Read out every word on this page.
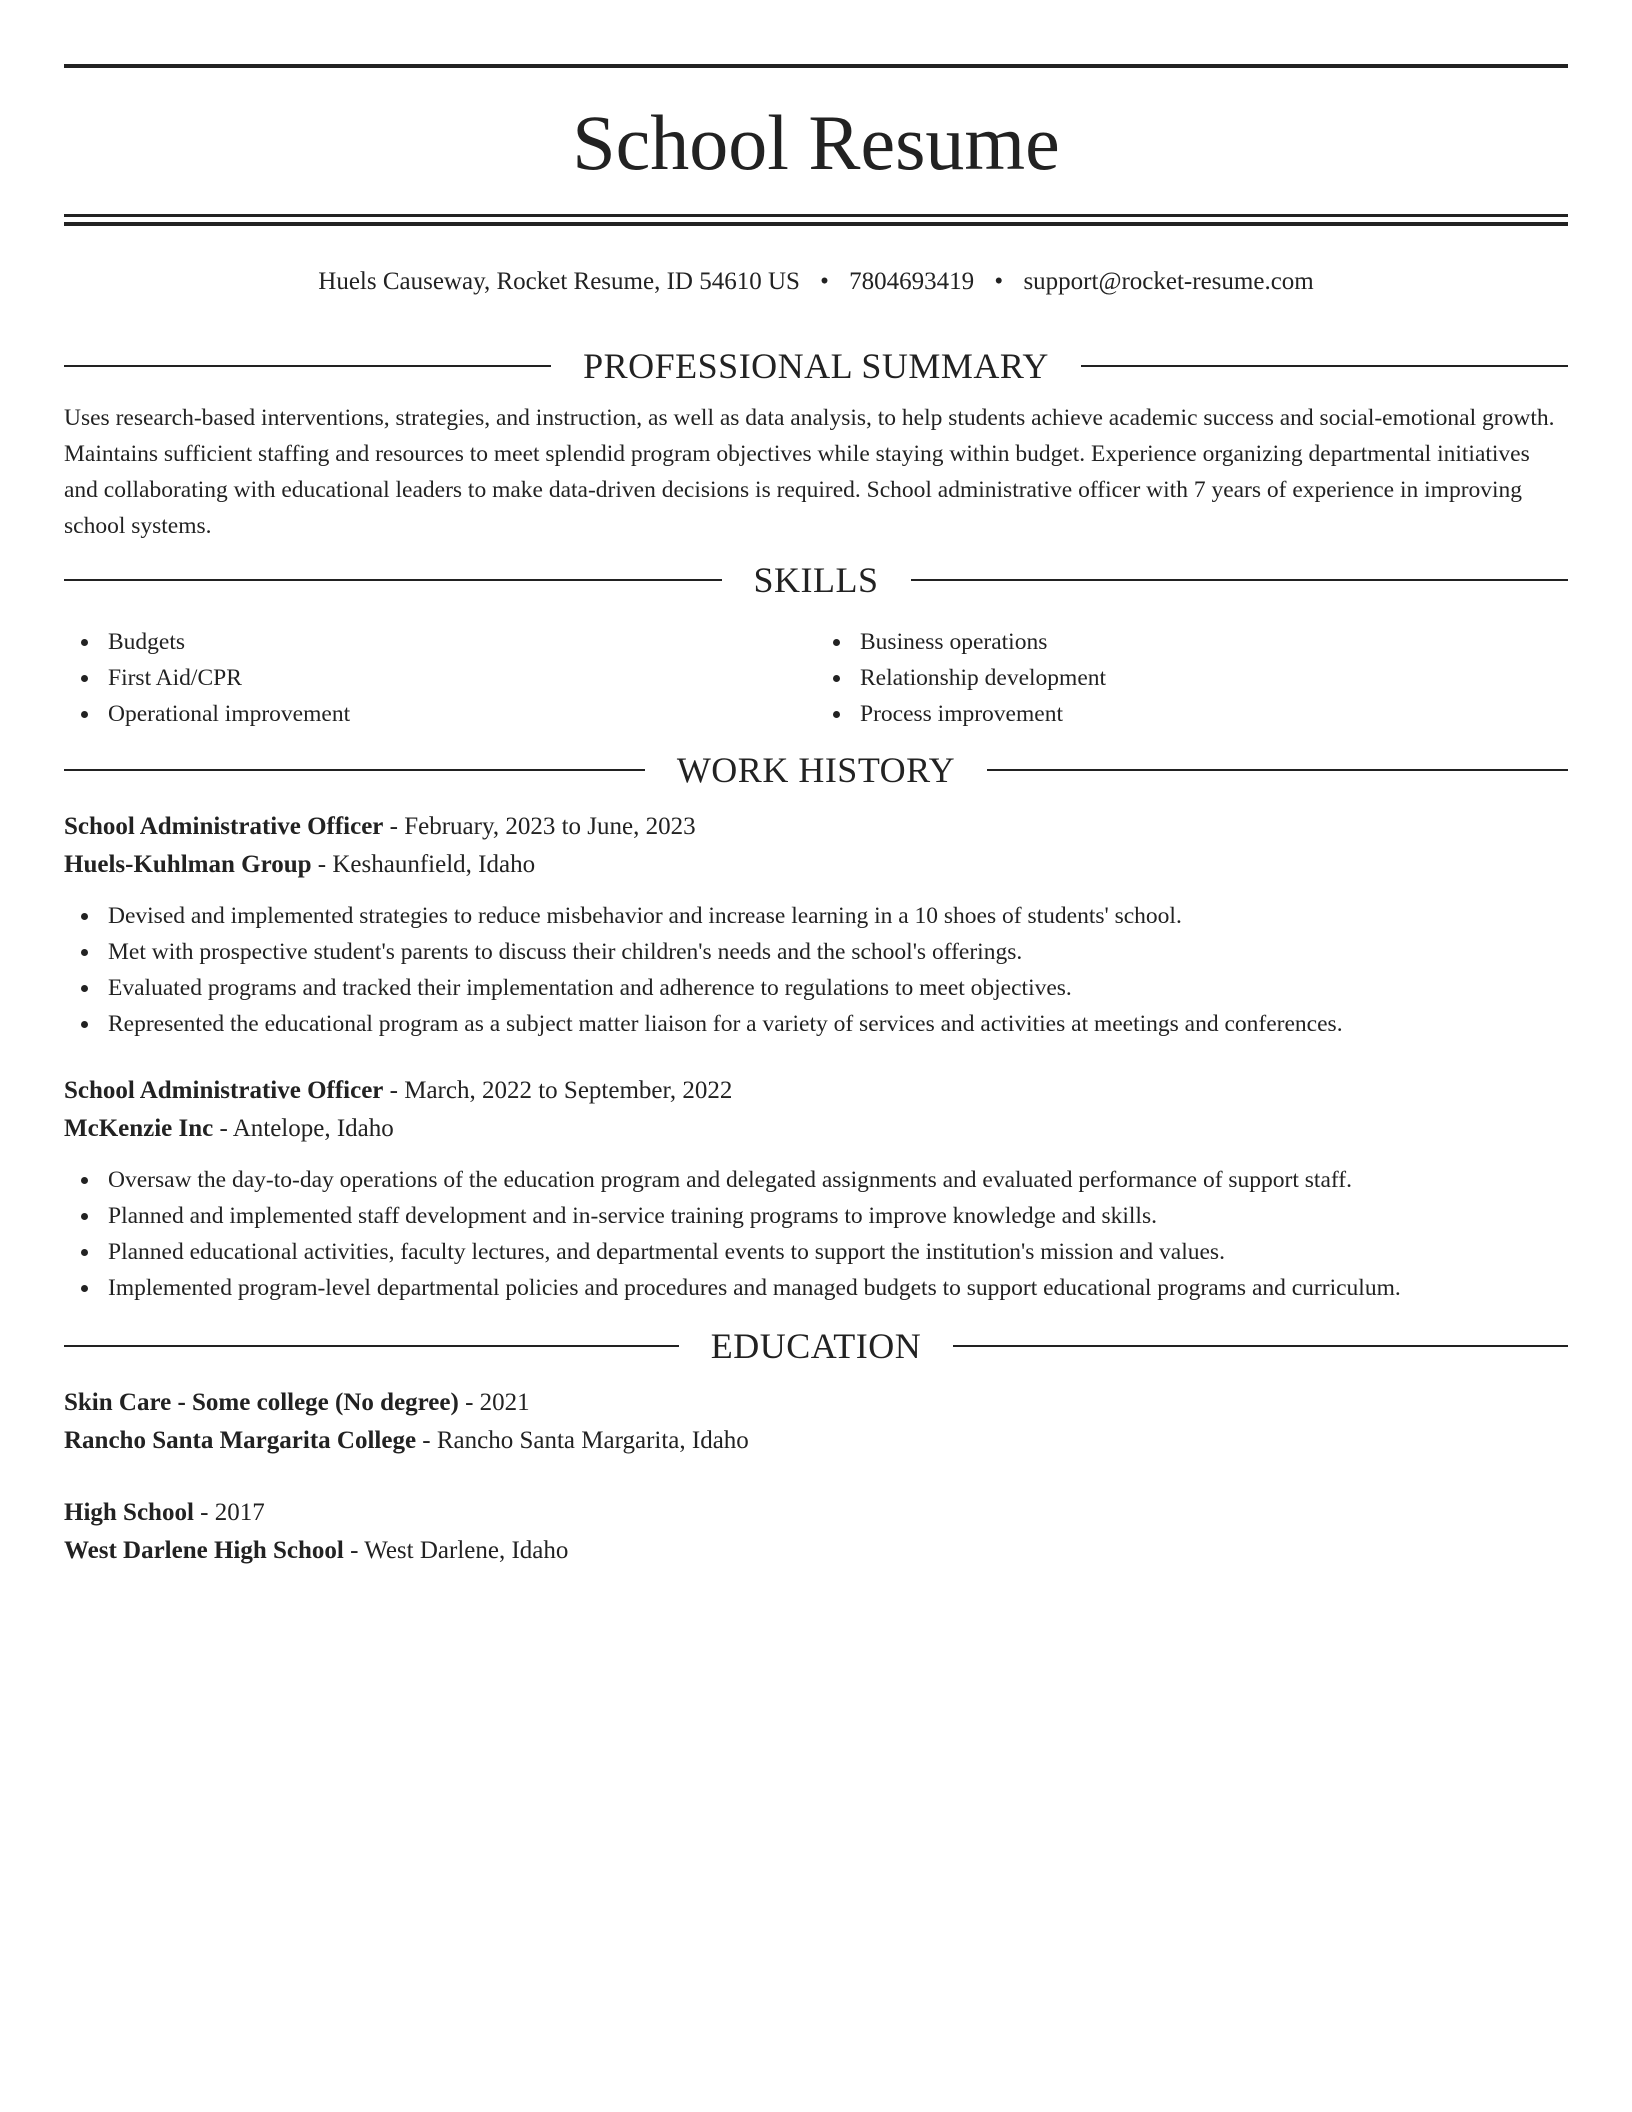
School Resume
Huels Causeway, Rocket Resume, ID 54610 US • 7804693419 • support@rocket-resume.com
PROFESSIONAL SUMMARY

Uses research-based interventions, strategies, and instruction, as well as data analysis, to help students achieve academic success and social-emotional growth. Maintains sufficient staffing and resources to meet splendid program objectives while staying within budget. Experience organizing departmental initiatives and collaborating with educational leaders to make data-driven decisions is required. School administrative officer with 7 years of experience in improving school systems.

SKILLS
Budgets
First Aid/CPR
Operational improvement
Business operations
Relationship development
Process improvement
WORK HISTORY
School Administrative Officer - February, 2023 to June, 2023
Huels-Kuhlman Group - Keshaunfield, Idaho
Devised and implemented strategies to reduce misbehavior and increase learning in a 10 shoes of students' school.
Met with prospective student's parents to discuss their children's needs and the school's offerings.
Evaluated programs and tracked their implementation and adherence to regulations to meet objectives.
Represented the educational program as a subject matter liaison for a variety of services and activities at meetings and conferences.
School Administrative Officer - March, 2022 to September, 2022
McKenzie Inc - Antelope, Idaho
Oversaw the day-to-day operations of the education program and delegated assignments and evaluated performance of support staff.
Planned and implemented staff development and in-service training programs to improve knowledge and skills.
Planned educational activities, faculty lectures, and departmental events to support the institution's mission and values.
Implemented program-level departmental policies and procedures and managed budgets to support educational programs and curriculum.
EDUCATION
Skin Care - Some college (No degree) - 2021
Rancho Santa Margarita College - Rancho Santa Margarita, Idaho
High School - 2017
West Darlene High School - West Darlene, Idaho
